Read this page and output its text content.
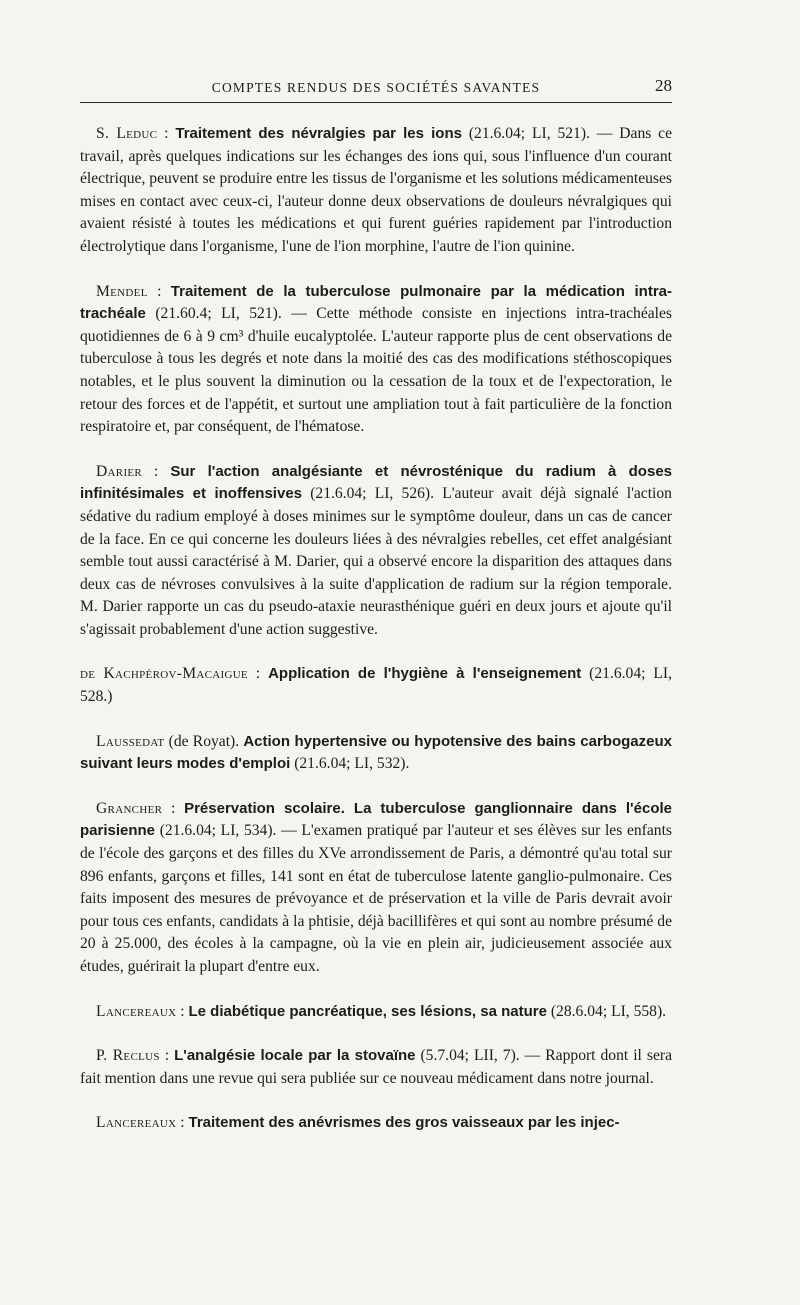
COMPTES RENDUS DES SOCIÉTÉS SAVANTES	28

S. Leduc : Traitement des névralgies par les ions (21.6.04; LI, 521). — Dans ce travail, après quelques indications sur les échanges des ions qui, sous l'influence d'un courant électrique, peuvent se produire entre les tissus de l'organisme et les solutions médicamenteuses mises en contact avec ceux-ci, l'auteur donne deux observations de douleurs névralgiques qui avaient résisté à toutes les médications et qui furent guéries rapidement par l'introduction électrolytique dans l'organisme, l'une de l'ion morphine, l'autre de l'ion quinine.

Mendel : Traitement de la tuberculose pulmonaire par la médication intra-trachéale (21.60.4; LI, 521). — Cette méthode consiste en injections intra-trachéales quotidiennes de 6 à 9 cm³ d'huile eucalyptolée. L'auteur rapporte plus de cent observations de tuberculose à tous les degrés et note dans la moitié des cas des modifications stéthoscopiques notables, et le plus souvent la diminution ou la cessation de la toux et de l'expectoration, le retour des forces et de l'appétit, et surtout une ampliation tout à fait particulière de la fonction respiratoire et, par conséquent, de l'hématose.

Darier : Sur l'action analgésiante et névrosténique du radium à doses infinitésimales et inoffensives (21.6.04; LI, 526). L'auteur avait déjà signalé l'action sédative du radium employé à doses minimes sur le symptôme douleur, dans un cas de cancer de la face. En ce qui concerne les douleurs liées à des névralgies rebelles, cet effet analgésiant semble tout aussi caractérisé à M. Darier, qui a observé encore la disparition des attaques dans deux cas de névroses convulsives à la suite d'application de radium sur la région temporale. M. Darier rapporte un cas du pseudo-ataxie neurasthénique guéri en deux jours et ajoute qu'il s'agissait probablement d'une action suggestive.

de Kachpérov-Macaigue : Application de l'hygiène à l'enseignement (21.6.04; LI, 528.)

Laussedat (de Royat). Action hypertensive ou hypotensive des bains carbogazeux suivant leurs modes d'emploi (21.6.04; LI, 532).

Grancher : Préservation scolaire. La tuberculose ganglionnaire dans l'école parisienne (21.6.04; LI, 534). — L'examen pratiqué par l'auteur et ses élèves sur les enfants de l'école des garçons et des filles du XVe arrondissement de Paris, a démontré qu'au total sur 896 enfants, garçons et filles, 141 sont en état de tuberculose latente ganglio-pulmonaire. Ces faits imposent des mesures de prévoyance et de préservation et la ville de Paris devrait avoir pour tous ces enfants, candidats à la phtisie, déjà bacillifères et qui sont au nombre présumé de 20 à 25.000, des écoles à la campagne, où la vie en plein air, judicieusement associée aux études, guérirait la plupart d'entre eux.

Lancereaux : Le diabétique pancréatique, ses lésions, sa nature (28.6.04; LI, 558).

P. Reclus : L'analgésie locale par la stovaïne (5.7.04; LII, 7). — Rapport dont il sera fait mention dans une revue qui sera publiée sur ce nouveau médicament dans notre journal.

Lancereaux : Traitement des anévrismes des gros vaisseaux par les injec-
